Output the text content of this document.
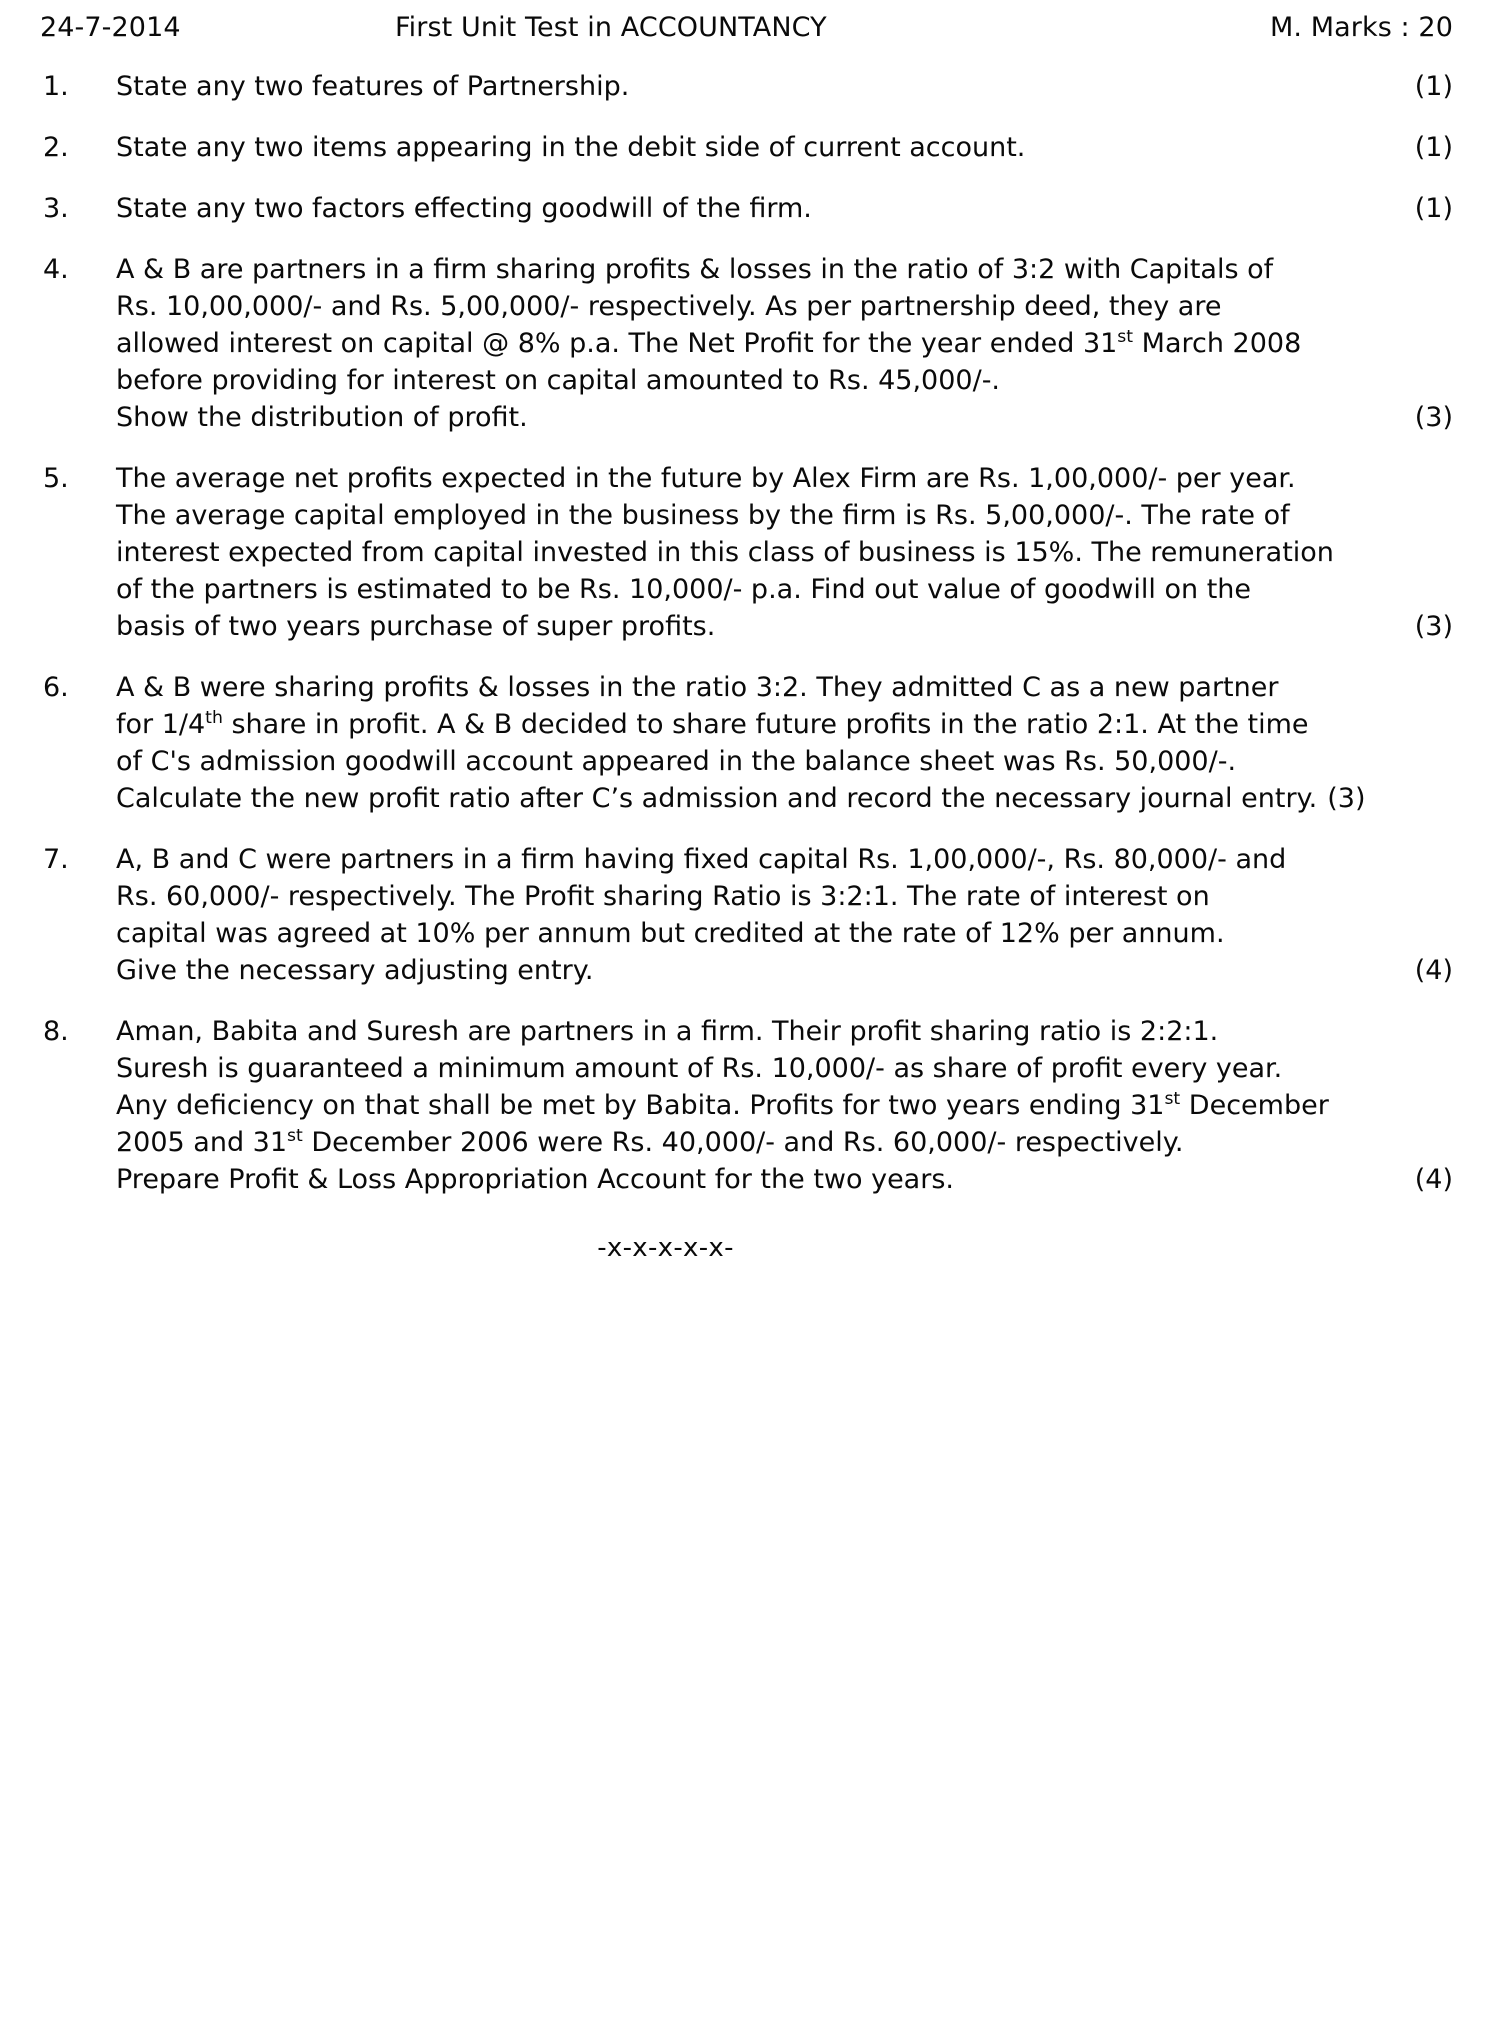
24-7-2014	First Unit Test in ACCOUNTANCY	M. Marks : 20
1.	State any two features of Partnership.	(1)
2.	State any two items appearing in the debit side of current account.	(1)
3.	State any two factors effecting goodwill of the firm.	(1)
4.	A & B are partners in a firm sharing profits & losses in the ratio of 3:2 with Capitals of
Rs. 10,00,000/- and Rs. 5,00,000/- respectively. As per partnership deed, they are
allowed interest on capital @ 8% p.a. The Net Profit for the year ended 31st March 2008
before providing for interest on capital amounted to Rs. 45,000/-.
Show the distribution of profit.	(3)
5.	The average net profits expected in the future by Alex Firm are Rs. 1,00,000/- per year.
The average capital employed in the business by the firm is Rs. 5,00,000/-. The rate of
interest expected from capital invested in this class of business is 15%. The remuneration
of the partners is estimated to be Rs. 10,000/- p.a. Find out value of goodwill on the
basis of two years purchase of super profits.	(3)
6.	A & B were sharing profits & losses in the ratio 3:2. They admitted C as a new partner
for 1/4th share in profit. A & B decided to share future profits in the ratio 2:1. At the time
of C's admission goodwill account appeared in the balance sheet was Rs. 50,000/-.
Calculate the new profit ratio after C’s admission and record the necessary journal entry. (3)
7.	A, B and C were partners in a firm having fixed capital Rs. 1,00,000/-, Rs. 80,000/- and
Rs. 60,000/- respectively. The Profit sharing Ratio is 3:2:1. The rate of interest on
capital was agreed at 10% per annum but credited at the rate of 12% per annum.
Give the necessary adjusting entry.	(4)
8.	Aman, Babita and Suresh are partners in a firm. Their profit sharing ratio is 2:2:1.
Suresh is guaranteed a minimum amount of Rs. 10,000/- as share of profit every year.
Any deficiency on that shall be met by Babita. Profits for two years ending 31st December
2005 and 31st December 2006 were Rs. 40,000/- and Rs. 60,000/- respectively.
Prepare Profit & Loss Appropriation Account for the two years.	(4)
-x-x-x-x-x-
